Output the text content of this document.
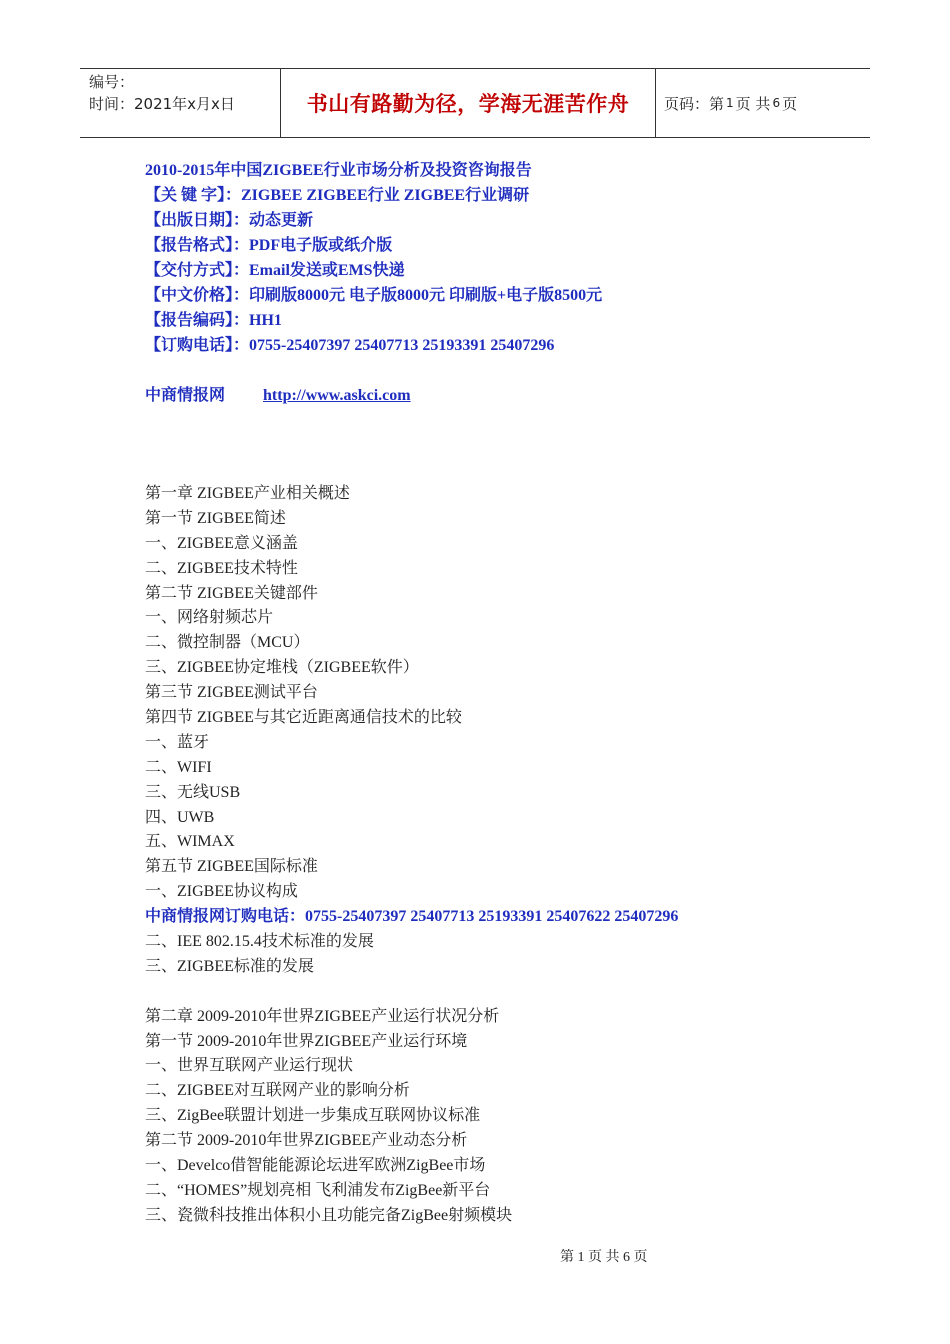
编号：
时间：2021年x月x日	书山有路勤为径，学海无涯苦作舟 页码：第 1 页 共 6 页
2010-2015年中国ZIGBEE行业市场分析及投资咨询报告
【关 键 字】：ZIGBEE ZIGBEE行业 ZIGBEE行业调研
【出版日期】：动态更新
【报告格式】：PDF电子版或纸介版
【交付方式】：Email发送或EMS快递
【中文价格】：印刷版8000元 电子版8000元 印刷版+电子版8500元
【报告编码】：HH1
【订购电话】：0755-25407397 25407713 25193391 25407296
中商情报网 http://www.askci.com
第一章 ZIGBEE产业相关概述
第一节 ZIGBEE简述
一、ZIGBEE意义涵盖
二、ZIGBEE技术特性
第二节 ZIGBEE关键部件
一、网络射频芯片
二、微控制器（MCU）
三、ZIGBEE协定堆栈（ZIGBEE软件）
第三节 ZIGBEE测试平台
第四节 ZIGBEE与其它近距离通信技术的比较
一、蓝牙
二、WIFI
三、无线USB
四、UWB
五、WIMAX
第五节 ZIGBEE国际标准
一、ZIGBEE协议构成
中商情报网订购电话：0755-25407397 25407713 25193391 25407622 25407296
二、IEE 802.15.4技术标准的发展
三、ZIGBEE标准的发展
第二章 2009-2010年世界ZIGBEE产业运行状况分析
第一节 2009-2010年世界ZIGBEE产业运行环境
一、世界互联网产业运行现状
二、ZIGBEE对互联网产业的影响分析
三、ZigBee联盟计划进一步集成互联网协议标准
第二节 2009-2010年世界ZIGBEE产业动态分析
一、Develco借智能能源论坛进军欧洲ZigBee市场
二、“HOMES”规划亮相 飞利浦发布ZigBee新平台
三、瓷微科技推出体积小且功能完备ZigBee射频模块
第 1 页 共 6 页
